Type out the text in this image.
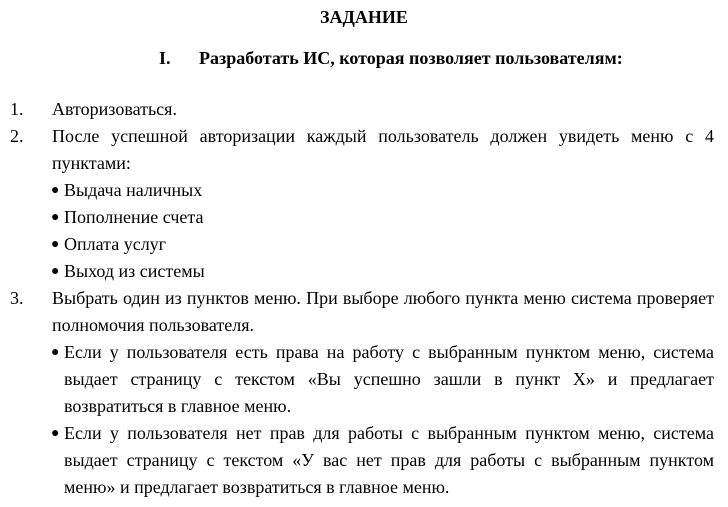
ЗАДАНИЕ
I. Разработать ИС, которая позволяет пользователям:
1. Авторизоваться.
2. После успешной авторизации каждый пользователь должен увидеть меню с 4 пунктами:
● Выдача наличных
● Пополнение счета
● Оплата услуг
● Выход из системы
3. Выбрать один из пунктов меню. При выборе любого пункта меню система проверяет полномочия пользователя.
● Если у пользователя есть права на работу с выбранным пунктом меню, система выдает страницу с текстом «Вы успешно зашли в пункт X» и предлагает возвратиться в главное меню.
● Если у пользователя нет прав для работы с выбранным пунктом меню, система выдает страницу с текстом «У вас нет прав для работы с выбранным пунктом меню» и предлагает возвратиться в главное меню.
